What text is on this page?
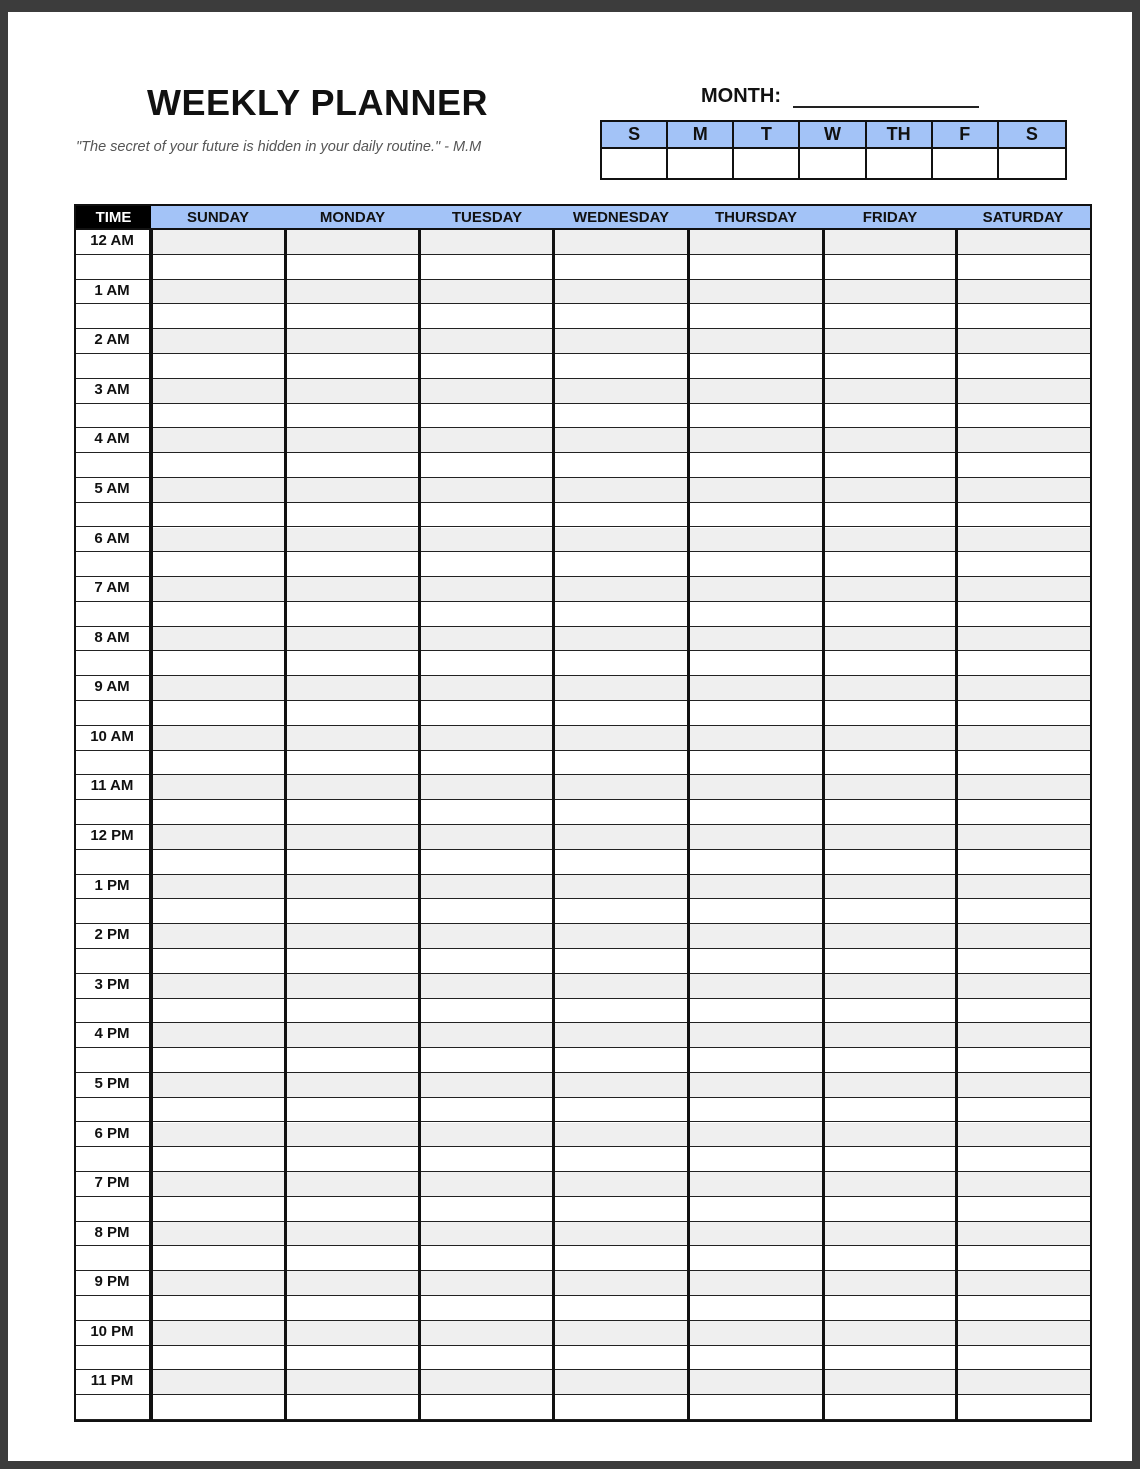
WEEKLY PLANNER
"The secret of your future is hidden in your daily routine." - M.M
MONTH:
S	M	T	W	TH	F	S
TIME	SUNDAY	MONDAY	TUESDAY	WEDNESDAY	THURSDAY	FRIDAY	SATURDAY
12 AM
1 AM
2 AM
3 AM
4 AM
5 AM
6 AM
7 AM
8 AM
9 AM
10 AM
11 AM
12 PM
1 PM
2 PM
3 PM
4 PM
5 PM
6 PM
7 PM
8 PM
9 PM
10 PM
11 PM
